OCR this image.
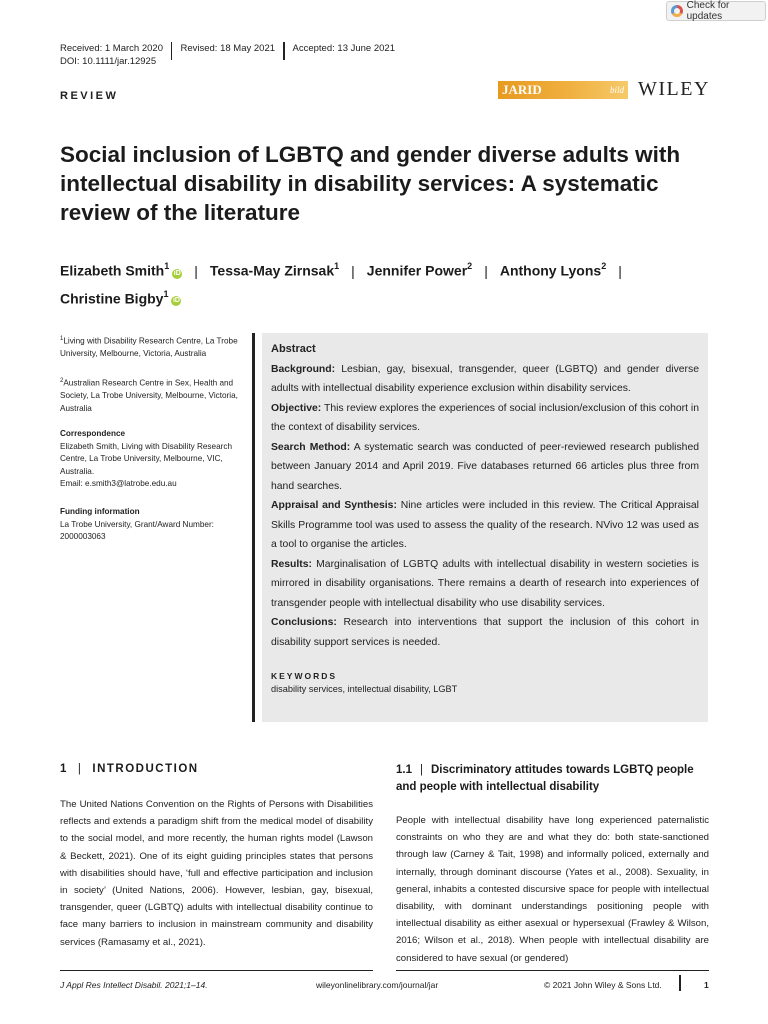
Check for updates
Received: 1 March 2020 Revised: 18 May 2021 Accepted: 13 June 2021
DOI: 10.1111/jar.12925
REVIEW	JARID	bild WILEY
Social inclusion of LGBTQ and gender diverse adults with intellectual disability in disability services: A systematic review of the literature
Elizabeth Smith$^1$iD | Tessa-May Zirnsak$^1$ | Jennifer Power$^2$ | Anthony Lyons$^2$ |
Christine Bigby$^1$iD
$^1$Living with Disability Research Centre, La Trobe University, Melbourne, Victoria, Australia
$^2$Australian Research Centre in Sex, Health and Society, La Trobe University, Melbourne, Victoria, Australia
Correspondence
Elizabeth Smith, Living with Disability Research Centre, La Trobe University, Melbourne, VIC, Australia.
Email: e.smith3@latrobe.edu.au
Funding information
La Trobe University, Grant/Award Number: 2000003063
Abstract

Background: Lesbian, gay, bisexual, transgender, queer (LGBTQ) and gender diverse adults with intellectual disability experience exclusion within disability services.

Objective: This review explores the experiences of social inclusion/exclusion of this cohort in the context of disability services.

Search Method: A systematic search was conducted of peer-reviewed research published between January 2014 and April 2019. Five databases returned 66 articles plus three from hand searches.

Appraisal and Synthesis: Nine articles were included in this review. The Critical Appraisal Skills Programme tool was used to assess the quality of the research. NVivo 12 was used as a tool to organise the articles.

Results: Marginalisation of LGBTQ adults with intellectual disability in western societies is mirrored in disability organisations. There remains a dearth of research into experiences of transgender people with intellectual disability who use disability services.

Conclusions: Research into interventions that support the inclusion of this cohort in disability support services is needed.

KEYWORDS
disability services, intellectual disability, LGBT
1 | INTRODUCTION

The United Nations Convention on the Rights of Persons with Disabilities reflects and extends a paradigm shift from the medical model of disability to the social model, and more recently, the human rights model (Lawson & Beckett, 2021). One of its eight guiding principles states that persons with disabilities should have, ‘full and effective participation and inclusion in society’ (United Nations, 2006). However, lesbian, gay, bisexual, transgender, queer (LGBTQ) adults with intellectual disability continue to face many barriers to inclusion in mainstream community and disability services (Ramasamy et al., 2021).

1.1 | Discriminatory attitudes towards LGBTQ people and people with intellectual disability

People with intellectual disability have long experienced paternalistic constraints on who they are and what they do: both state-sanctioned through law (Carney & Tait, 1998) and informally policed, externally and internally, through dominant discourse (Yates et al., 2008). Sexuality, in general, inhabits a contested discursive space for people with intellectual disability, with dominant understandings positioning people with intellectual disability as either asexual or hypersexual (Frawley & Wilson, 2016; Wilson et al., 2018). When people with intellectual disability are considered to have sexual (or gendered)

J Appl Res Intellect Disabil. 2021;1–14.	wileyonlinelibrary.com/journal/jar	© 2021 John Wiley & Sons Ltd.	1
